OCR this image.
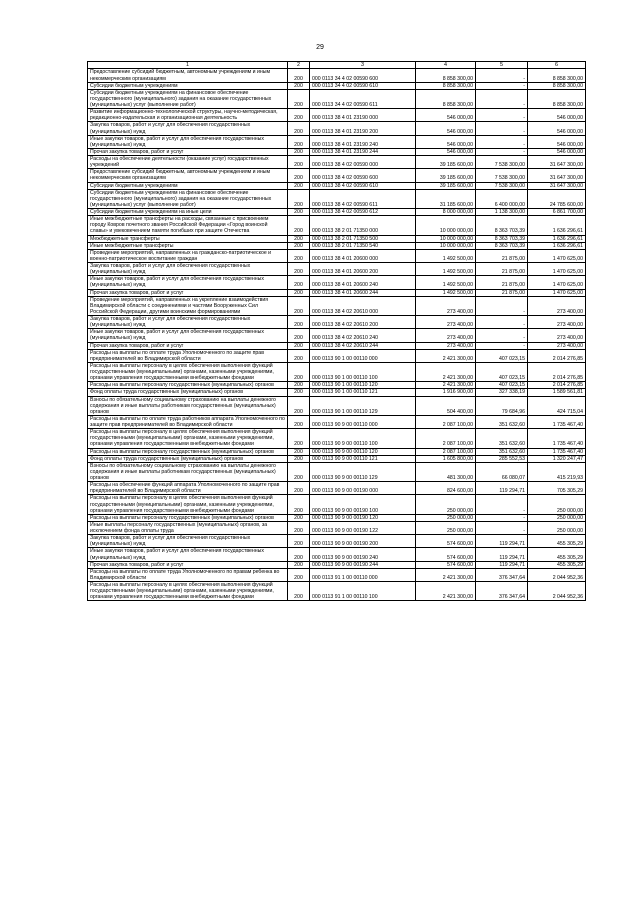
29
1	2	3	4	5	6
Предоставление субсидий бюджетным, автономным учреждениям и иным некоммерческим организациям	200	000 0113 34 4 02 00590 600	8 858 300,00	-	8 858 300,00
Субсидии бюджетным учреждениям	200	000 0113 34 4 02 00590 610	8 858 300,00	-	8 858 300,00
Субсидии бюджетным учреждениям на финансовое обеспечение государственного (муниципального) задания на оказание государственных (муниципальных) услуг (выполнение работ)	200	000 0113 34 4 02 00590 611	8 858 300,00	-	8 858 300,00
Развитие информационно-технологической структуры, научно-методическая, редакционно-издательская и организационная деятельность	200	000 0113 38 4 01 23190 000	546 000,00	-	546 000,00
Закупка товаров, работ и услуг для обеспечения государственных (муниципальных) нужд	200	000 0113 38 4 01 23190 200	546 000,00	-	546 000,00
Иные закупки товаров, работ и услуг для обеспечения государственных (муниципальных) нужд	200	000 0113 38 4 01 23190 240	546 000,00	-	546 000,00
Прочая закупка товаров, работ и услуг	200	000 0113 38 4 01 23190 244	546 000,00	-	546 000,00
Расходы на обеспечение деятельности (оказание услуг) государственных учреждений	200	000 0113 38 4 02 00590 000	39 185 600,00	7 538 300,00	31 647 300,00
Предоставление субсидий бюджетным, автономным учреждениям и иным некоммерческим организациям	200	000 0113 38 4 02 00590 600	39 185 600,00	7 538 300,00	31 647 300,00
Субсидии бюджетным учреждениям	200	000 0113 38 4 02 00590 610	39 185 600,00	7 538 300,00	31 647 300,00
Субсидии бюджетным учреждениям на финансовое обеспечение государственного (муниципального) задания на оказание государственных (муниципальных) услуг (выполнение работ)	200	000 0113 38 4 02 00590 611	31 185 600,00	6 400 000,00	24 785 600,00
Субсидии бюджетным учреждениям на иные цели	200	000 0113 38 4 02 00590 612	8 000 000,00	1 138 300,00	6 861 700,00
Иные межбюджетные трансферты на расходы, связанные с присвоением городу Ковров почетного звания Российской Федерации «Город воинской славы» и увековечением памяти погибших при защите Отечества	200	000 0113 38 2 01 71350 000	10 000 000,00	8 363 703,39	1 636 296,61
Межбюджетные трансферты	200	000 0113 38 2 01 71350 500	10 000 000,00	8 363 703,39	1 636 296,61
Иные межбюджетные трансферты	200	000 0113 38 2 01 71350 540	10 000 000,00	8 363 703,39	1 636 296,61
Проведение мероприятий, направленных на гражданско-патриотическое и военно-патриотическое воспитание граждан	200	000 0113 38 4 01 20600 000	1 492 500,00	21 875,00	1 470 625,00
Закупка товаров, работ и услуг для обеспечения государственных (муниципальных) нужд	200	000 0113 38 4 01 20600 200	1 492 500,00	21 875,00	1 470 625,00
Иные закупки товаров, работ и услуг для обеспечения государственных (муниципальных) нужд	200	000 0113 38 4 01 20600 240	1 492 500,00	21 875,00	1 470 625,00
Прочая закупка товаров, работ и услуг	200	000 0113 38 4 01 20600 244	1 492 500,00	21 875,00	1 470 625,00
Проведение мероприятий, направленных на укрепление взаимодействия Владимирской области с соединениями и частями Вооруженных Сил Российской Федерации, другими воинскими формированиями	200	000 0113 38 4 02 20610 000	273 400,00	-	273 400,00
Закупка товаров, работ и услуг для обеспечения государственных (муниципальных) нужд	200	000 0113 38 4 02 20610 200	273 400,00	-	273 400,00
Иные закупки товаров, работ и услуг для обеспечения государственных (муниципальных) нужд	200	000 0113 38 4 02 20610 240	273 400,00	-	273 400,00
Прочая закупка товаров, работ и услуг	200	000 0113 38 4 02 20610 244	273 400,00	-	273 400,00
Расходы на выплаты по оплате труда Уполномоченного по защите прав предпринимателей во Владимирской области	200	000 0113 90 1 00 00110 000	2 421 300,00	407 023,15	2 014 276,85
Расходы на выплаты персоналу в целях обеспечения выполнения функций государственными (муниципальными) органами, казенными учреждениями, органами управления государственными внебюджетными фондами	200	000 0113 90 1 00 00110 100	2 421 300,00	407 023,15	2 014 276,85
Расходы на выплаты персоналу государственных (муниципальных) органов	200	000 0113 90 1 00 00110 120	2 421 300,00	407 023,15	2 014 276,85
Фонд оплаты труда государственных (муниципальных) органов	200	000 0113 90 1 00 00110 121	1 916 900,00	327 338,19	1 589 561,81
Взносы по обязательному социальному страхованию на выплаты денежного содержания и иные выплаты работникам государственных (муниципальных) органов	200	000 0113 90 1 00 00110 129	504 400,00	79 684,96	424 715,04
Расходы на выплаты по оплате труда работников аппарата Уполномоченного по защите прав предпринимателей во Владимирской области	200	000 0113 90 9 00 00110 000	2 087 100,00	351 632,60	1 735 467,40
Расходы на выплаты персоналу в целях обеспечения выполнения функций государственными (муниципальными) органами, казенными учреждениями, органами управления государственными внебюджетными фондами	200	000 0113 90 9 00 00110 100	2 087 100,00	351 632,60	1 735 467,40
Расходы на выплаты персоналу государственных (муниципальных) органов	200	000 0113 90 9 00 00110 120	2 087 100,00	351 632,60	1 735 467,40
Фонд оплаты труда государственных (муниципальных) органов	200	000 0113 90 9 00 00110 121	1 605 800,00	285 552,53	1 320 247,47
Взносы по обязательному социальному страхованию на выплаты денежного содержания и иные выплаты работникам государственных (муниципальных) органов	200	000 0113 90 9 00 00110 129	481 300,00	66 080,07	415 219,93
Расходы на обеспечение функций аппарата Уполномоченного по защите прав предпринимателей во Владимирской области	200	000 0113 90 9 00 00190 000	824 600,00	119 294,71	705 305,29
Расходы на выплаты персоналу в целях обеспечения выполнения функций государственными (муниципальными) органами, казенными учреждениями, органами управления государственными внебюджетными фондами	200	000 0113 90 9 00 00190 100	250 000,00	-	250 000,00
Расходы на выплаты персоналу государственных (муниципальных) органов	200	000 0113 90 9 00 00190 120	250 000,00	-	250 000,00
Иные выплаты персоналу государственных (муниципальных) органов, за исключением фонда оплаты труда	200	000 0113 90 9 00 00190 122	250 000,00	-	250 000,00
Закупка товаров, работ и услуг для обеспечения государственных (муниципальных) нужд	200	000 0113 90 9 00 00190 200	574 600,00	119 294,71	455 305,29
Иные закупки товаров, работ и услуг для обеспечения государственных (муниципальных) нужд	200	000 0113 90 9 00 00190 240	574 600,00	119 294,71	455 305,29
Прочая закупка товаров, работ и услуг	200	000 0113 90 9 00 00190 244	574 600,00	119 294,71	455 305,29
Расходы на выплаты по оплате труда Уполномоченного по правам ребенка во Владимирской области	200	000 0113 91 1 00 00110 000	2 421 300,00	376 347,64	2 044 952,36
Расходы на выплаты персоналу в целях обеспечения выполнения функций государственными (муниципальными) органами, казенными учреждениями, органами управления государственными внебюджетными фондами	200	000 0113 91 1 00 00110 100	2 421 300,00	376 347,64	2 044 952,36
